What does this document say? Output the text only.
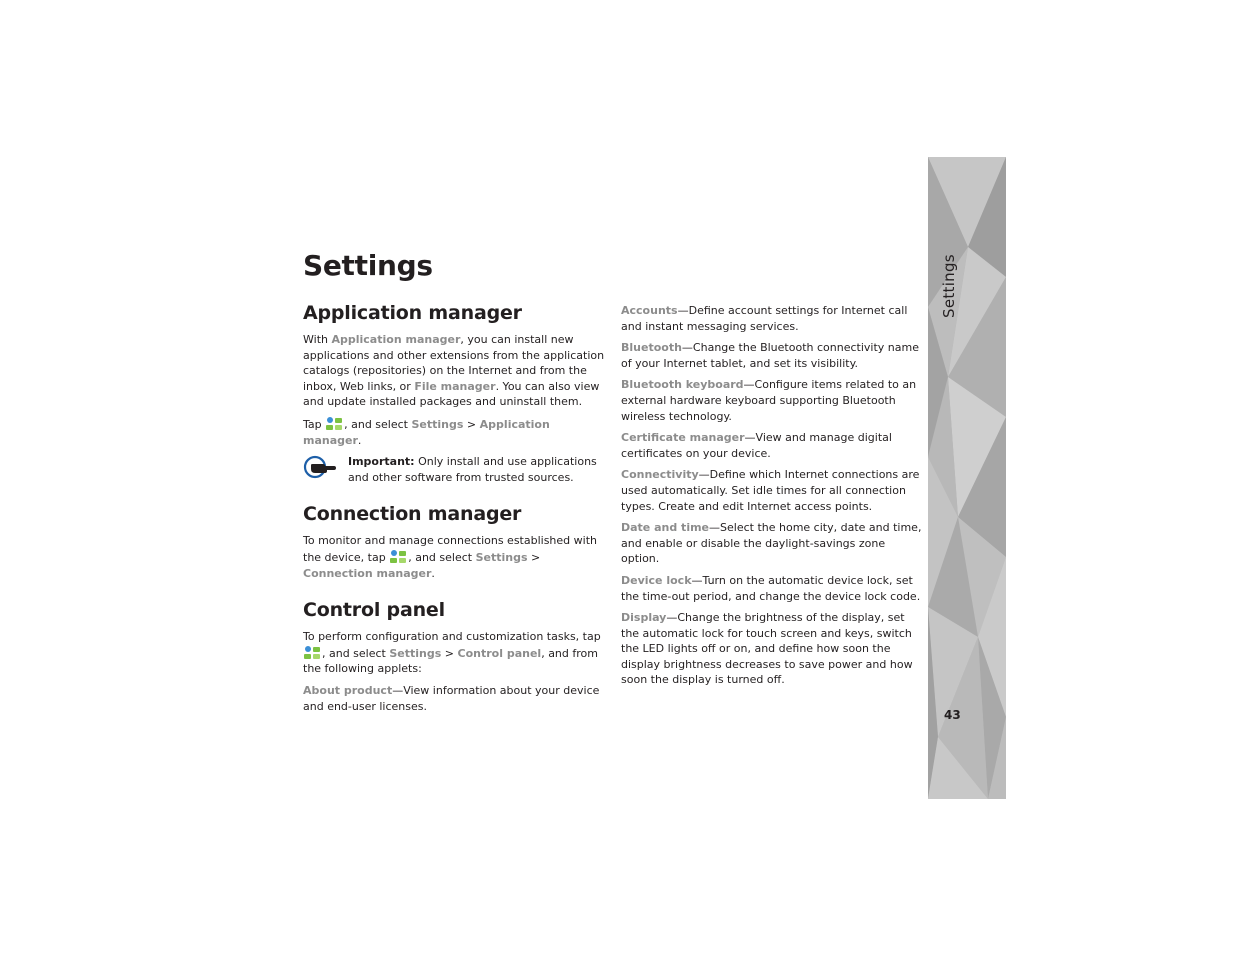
Settings
Application manager

With Application manager, you can install new applications and other extensions from the application catalogs (repositories) on the Internet and from the inbox, Web links, or File manager. You can also view and update installed packages and uninstall them.

Tap , and select Settings > Application manager.

Important: Only install and use applications and other software from trusted sources.
Connection manager

To monitor and manage connections established with the device, tap , and select Settings > Connection manager.

Control panel

To perform configuration and customization tasks, tap , and select Settings > Control panel, and from the following applets:

About product—View information about your device and end-user licenses.

Accounts—Define account settings for Internet call and instant messaging services.

Bluetooth—Change the Bluetooth connectivity name of your Internet tablet, and set its visibility.

Bluetooth keyboard—Configure items related to an external hardware keyboard supporting Bluetooth wireless technology.

Certificate manager—View and manage digital certificates on your device.

Connectivity—Define which Internet connections are used automatically. Set idle times for all connection types. Create and edit Internet access points.

Date and time—Select the home city, date and time, and enable or disable the daylight-savings zone option.

Device lock—Turn on the automatic device lock, set the time-out period, and change the device lock code.

Display—Change the brightness of the display, set the automatic lock for touch screen and keys, switch the LED lights off or on, and define how soon the display brightness decreases to save power and how soon the display is turned off.

Settings
43
